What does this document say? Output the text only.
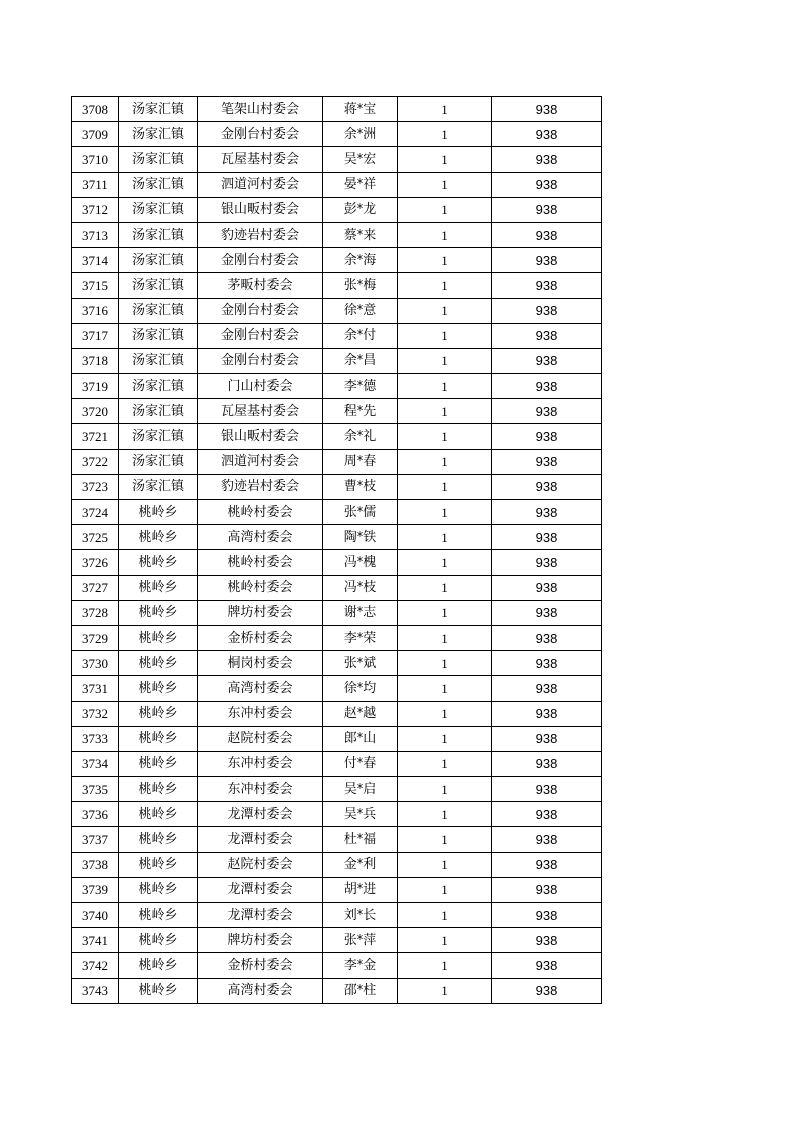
3708	汤家汇镇	笔架山村委会	蒋*宝	1	938
3709	汤家汇镇	金刚台村委会	余*洲	1	938
3710	汤家汇镇	瓦屋基村委会	吴*宏	1	938
3711	汤家汇镇	泗道河村委会	晏*祥	1	938
3712	汤家汇镇	银山畈村委会	彭*龙	1	938
3713	汤家汇镇	豹迹岩村委会	蔡*来	1	938
3714	汤家汇镇	金刚台村委会	余*海	1	938
3715	汤家汇镇	茅畈村委会	张*梅	1	938
3716	汤家汇镇	金刚台村委会	徐*意	1	938
3717	汤家汇镇	金刚台村委会	余*付	1	938
3718	汤家汇镇	金刚台村委会	余*昌	1	938
3719	汤家汇镇	门山村委会	李*德	1	938
3720	汤家汇镇	瓦屋基村委会	程*先	1	938
3721	汤家汇镇	银山畈村委会	余*礼	1	938
3722	汤家汇镇	泗道河村委会	周*春	1	938
3723	汤家汇镇	豹迹岩村委会	曹*枝	1	938
3724	桃岭乡	桃岭村委会	张*儒	1	938
3725	桃岭乡	高湾村委会	陶*铁	1	938
3726	桃岭乡	桃岭村委会	冯*槐	1	938
3727	桃岭乡	桃岭村委会	冯*枝	1	938
3728	桃岭乡	牌坊村委会	谢*志	1	938
3729	桃岭乡	金桥村委会	李*荣	1	938
3730	桃岭乡	桐岗村委会	张*斌	1	938
3731	桃岭乡	高湾村委会	徐*均	1	938
3732	桃岭乡	东冲村委会	赵*越	1	938
3733	桃岭乡	赵院村委会	郎*山	1	938
3734	桃岭乡	东冲村委会	付*春	1	938
3735	桃岭乡	东冲村委会	吴*启	1	938
3736	桃岭乡	龙潭村委会	吴*兵	1	938
3737	桃岭乡	龙潭村委会	杜*福	1	938
3738	桃岭乡	赵院村委会	金*利	1	938
3739	桃岭乡	龙潭村委会	胡*进	1	938
3740	桃岭乡	龙潭村委会	刘*长	1	938
3741	桃岭乡	牌坊村委会	张*萍	1	938
3742	桃岭乡	金桥村委会	李*金	1	938
3743	桃岭乡	高湾村委会	邵*柱	1	938
